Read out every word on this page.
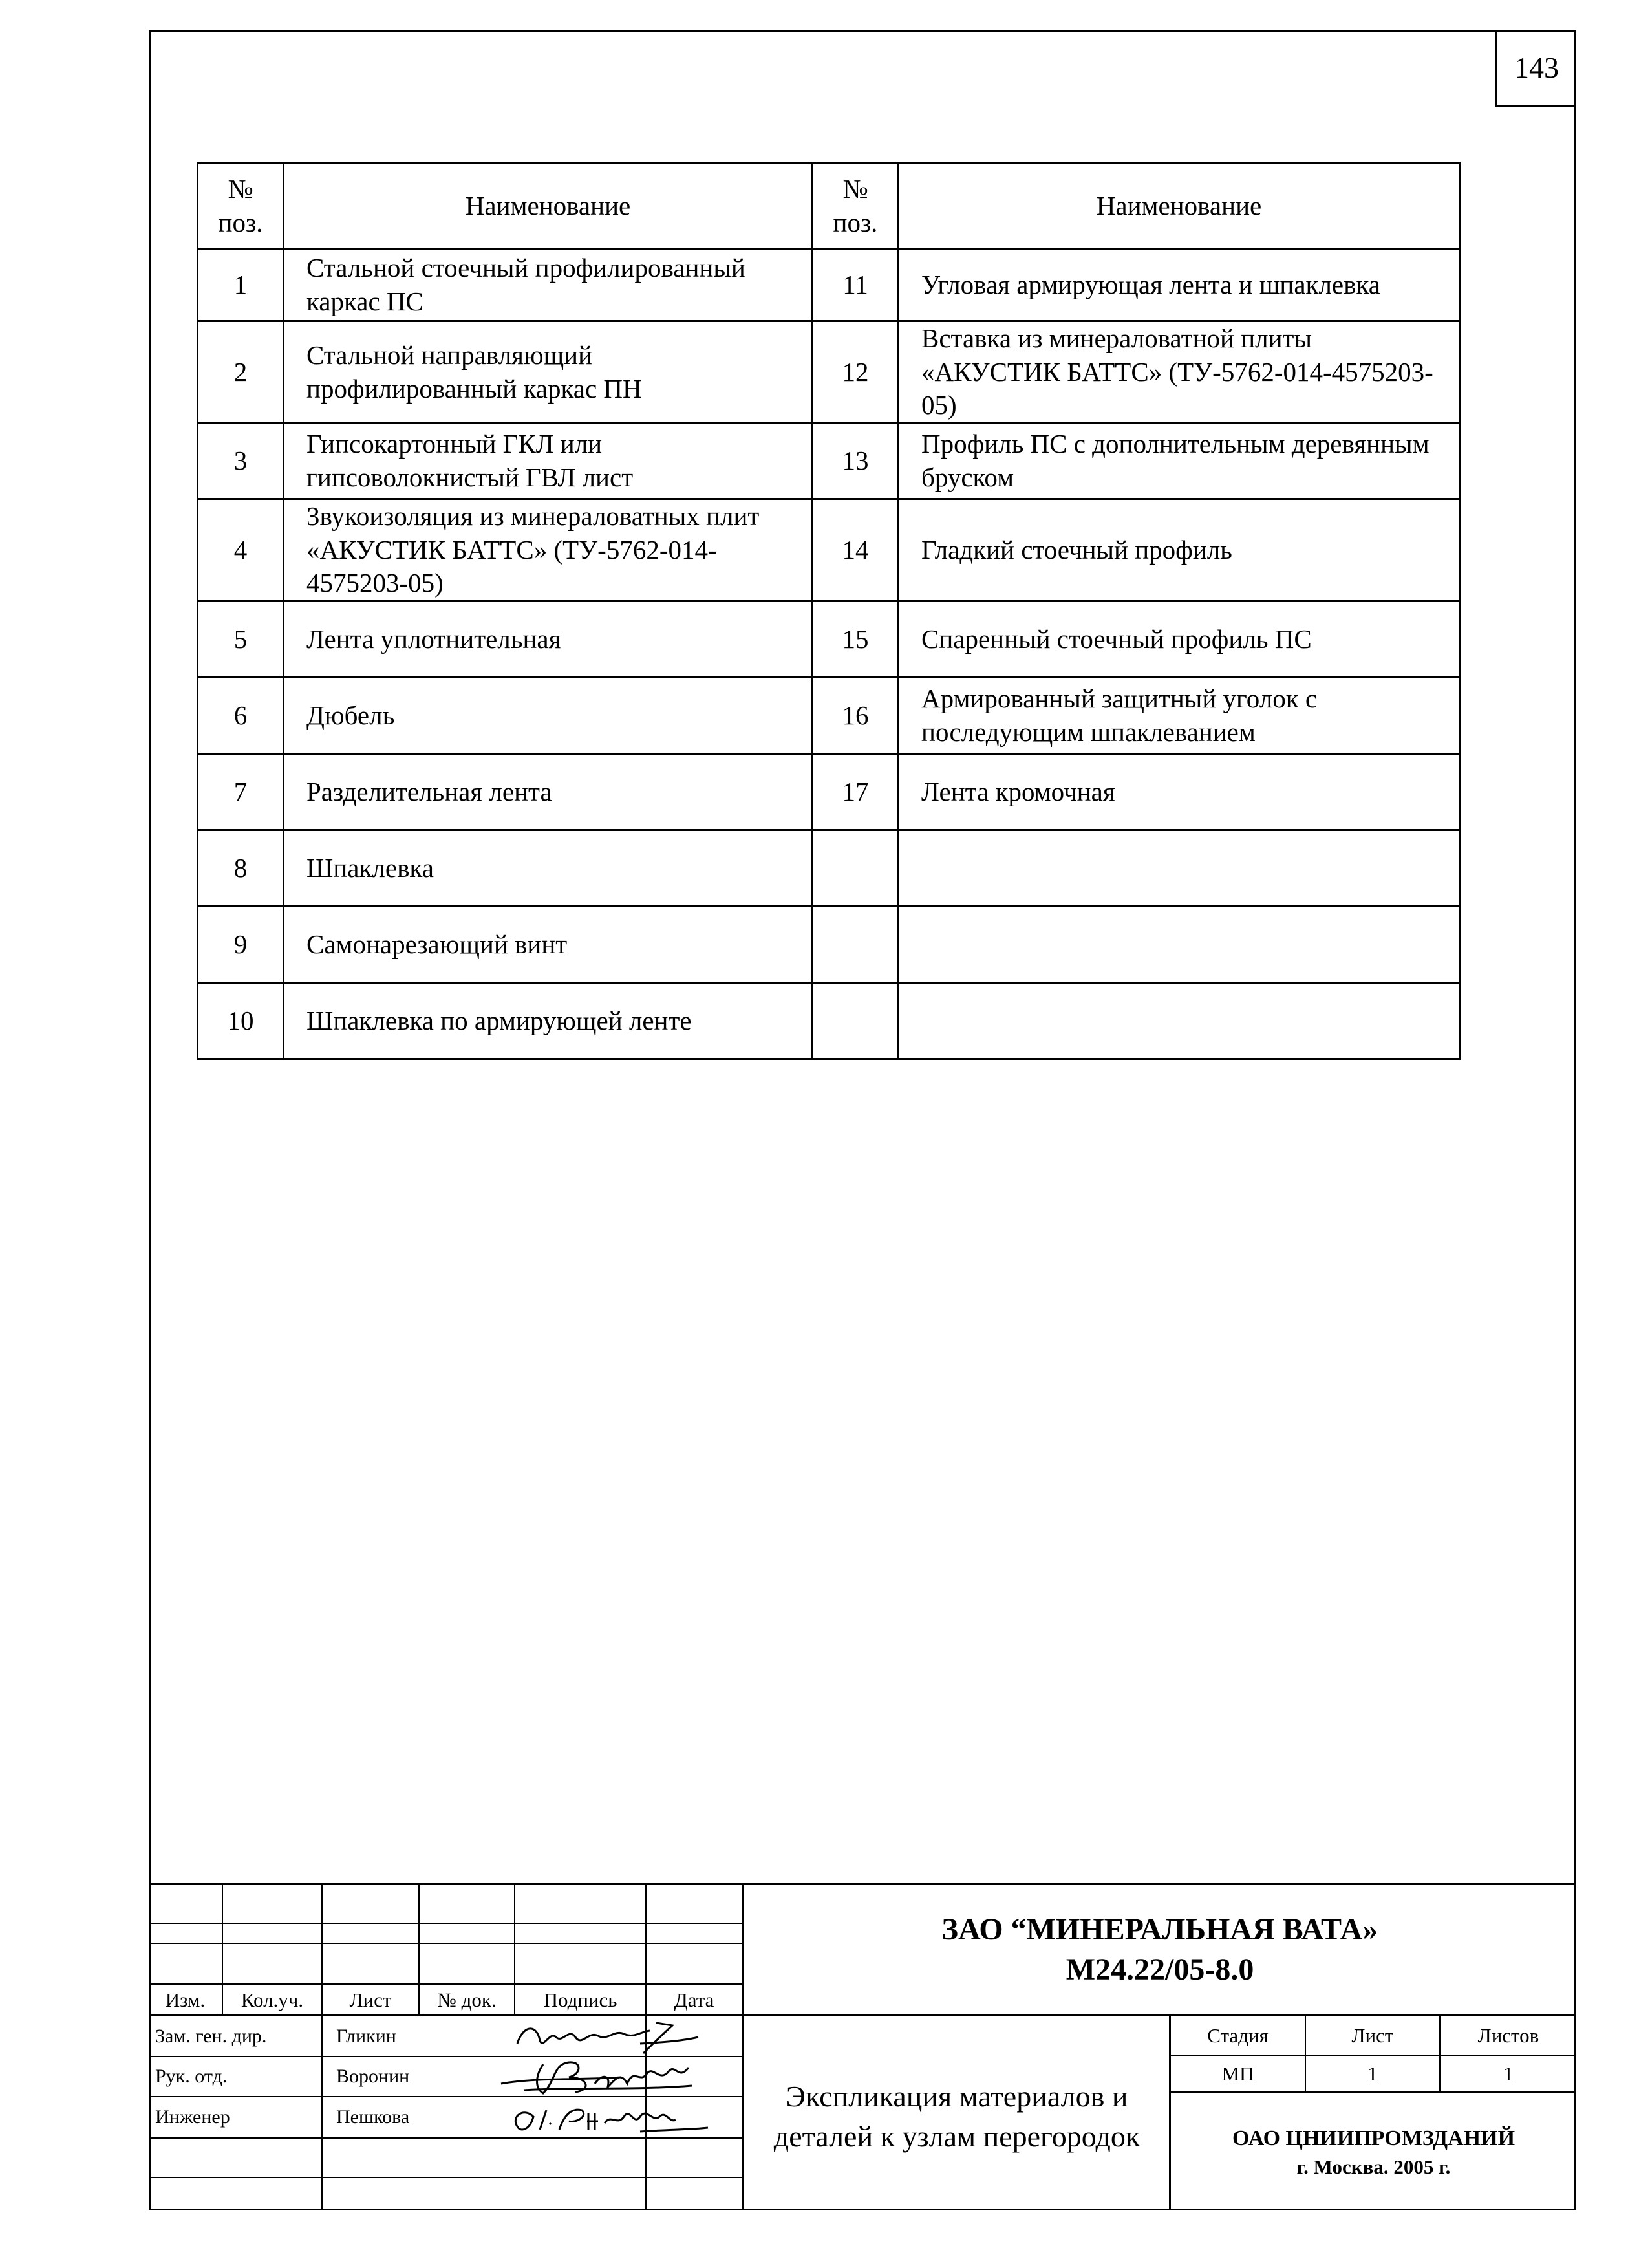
143
№ поз.	Наименование	№ поз.	Наименование
1	Стальной стоечный профилированный каркас ПС	11	Угловая армирующая лента и шпаклевка
2	Стальной направляющий профилированный каркас ПН	12	Вставка из минераловатной плиты «АКУСТИК БАТТС» (ТУ-5762-014-4575203-05)
3	Гипсокартонный ГКЛ или гипсоволокнистый ГВЛ лист	13	Профиль ПС с дополнительным деревянным бруском
4	Звукоизоляция из минераловатных плит «АКУСТИК БАТТС» (ТУ-5762-014-4575203-05)	14	Гладкий стоечный профиль
5	Лента уплотнительная	15	Спаренный стоечный профиль ПС
6	Дюбель	16	Армированный защитный уголок с последующим шпаклеванием
7	Разделительная лента	17	Лента кромочная
8	Шпаклевка		
9	Самонарезающий винт		
10	Шпаклевка по армирующей ленте		
Изм.	Кол.уч.	Лист	№ док.	Подпись	Дата
Зам. ген. дир.	Гликин
Рук. отд.	Воронин
Инженер	Пешкова
ЗАО “МИНЕРАЛЬНАЯ ВАТА»
М24.22/05-8.0
Экспликация материалов и деталей к узлам перегородок
Стадия	Лист	Листов
МП	1	1
ОАО ЦНИИПРОМЗДАНИЙ
г. Москва. 2005 г.
